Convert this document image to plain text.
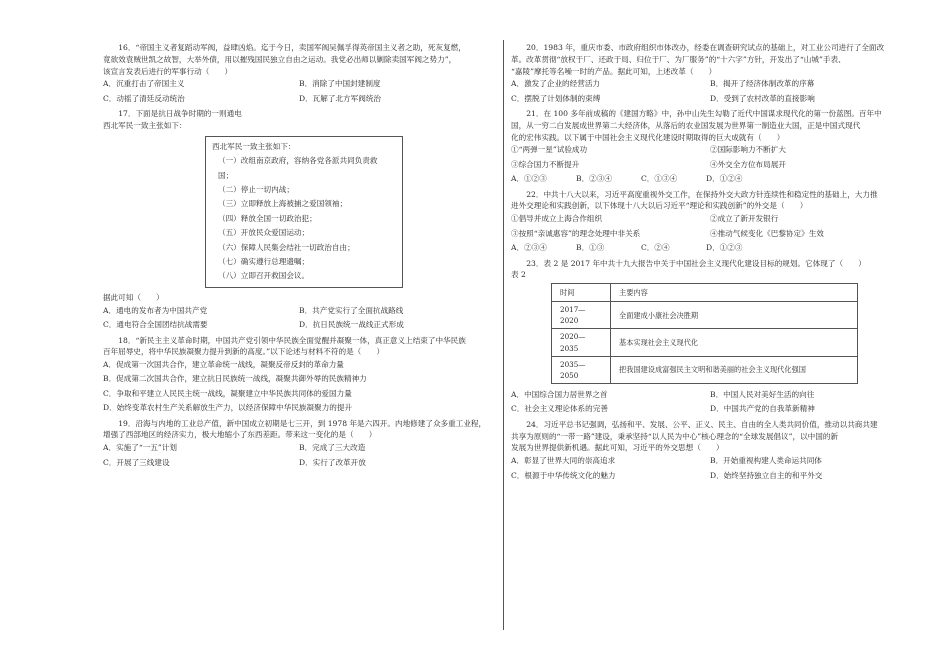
16．“帝国主义者复蹈动军阀，益肆凶焰。迄于今日，卖国军阀吴佩孚得英帝国主义者之助，死灰复燃，

竟欲效袁贼世凯之故智，大举外债，用以摧残国民独立自由之运动。我党必出师以剿除卖国军阀之势力”，

该宣言发表后进行的军事行动（　　）

A．沉重打击了帝国主义	B．消除了中国封建制度
C．动摇了清廷反动统治	D．瓦解了北方军阀统治

17．下面是抗日战争时期的一则通电

西北军民一致主张如下：

西北军民一致主张如下：
（一）改组南京政府，容纳各党各派共同负责救
国；
（二）停止一切内战；
（三）立即释放上海被捕之爱国领袖；
（四）释放全国一切政治犯；
（五）开放民众爱国运动；
（六）保障人民集会结社一切政治自由；
（七）确实遵行总理遗嘱；
（八）立即召开救国会议。

据此可知（　　）

A．通电的发布者为中国共产党	B．共产党实行了全面抗战路线
C．通电符合全国团结抗战需要	D．抗日民族统一战线正式形成

18．“新民主主义革命时期，中国共产党引领中华民族全面觉醒并凝聚一体，真正意义上结束了中华民族

百年屈辱史，将中华民族凝聚力提升到新的高度。”以下论述与材料不符的是（　　）

A．促成第一次国共合作，建立革命统一战线，凝聚反帝反封的革命力量
B．促成第二次国共合作，建立抗日民族统一战线，凝聚共御外辱的民族精神力
C．争取和平建立人民民主统一战线，凝聚建立中华民族共同体的爱国力量
D．始终变革农村生产关系解放生产力，以经济保障中华民族凝聚力的提升

19．沿海与内地的工业总产值，新中国成立初期是七三开，到 1978 年是六四开。内地修建了众多重工业程，

增强了西部地区的经济实力，极大地缩小了东西差距。带来这一变化的是（　　）

A．实施了“一五”计划	B．完成了三大改造
C．开展了三线建设	D．实行了改革开放

20．1983 年，重庆市委、市政府组织市体改办，经委在调查研究试点的基础上，对工业公司进行了全面改

革。改革贯彻“放权于厂、还政于局、归位于厂、为厂服务”的“十六字”方针，开发出了“山城”手表、

“嘉陵”摩托等名噪一时的产品。据此可知，上述改革（　　）

A．激发了企业的经营活力	B．揭开了经济体制改革的序幕
C．摆脱了计划体制的束缚	D．受到了农村改革的直接影响

21．在 100 多年前成稿的《建国方略》中，孙中山先生勾勒了近代中国谋求现代化的第一份蓝图。百年中

国，从一穷二白发展成世界第二大经济体，从落后的农业国发展为世界第一制造业大国，正是中国式现代

化的宏伟实践。以下属于中国社会主义现代化建设时期取得的巨大成就有（　　）

①“两弹一星”试验成功	②国际影响力不断扩大
③综合国力不断提升	④外交全方位布局展开
A．①②③	B．②③④	C．①③④	D．①②④

22．中共十八大以来，习近平高度重视外交工作，在保持外交大政方针连续性和稳定性的基础上，大力推

进外交理论和实践创新，以下体现十八大以后习近平“理论和实践创新”的外交是（　　）

①倡导并成立上海合作组织	②成立了新开发银行
③按照“亲诚惠容”的理念处理中非关系	④推动气候变化《巴黎协定》生效
A．②③④	B．①③	C．②④	D．①②③

23．表 2 是 2017 年中共十九大报告中关于中国社会主义现代化建设目标的规划。它体现了（　　）

表 2

时间	主要内容
2017—2020	全面建成小康社会决胜期
2020—2035	基本实现社会主义现代化
2035—2050	把我国建设成富强民主文明和谐美丽的社会主义现代化强国
A．中国综合国力居世界之首	B．中国人民对美好生活的向往
C．社会主义理论体系的完善	D．中国共产党的自我革新精神

24．习近平总书记强调，弘扬和平、发展、公平、正义、民主、自由的全人类共同价值，推动以共商共建

共享为原则的“一带一路”建设，秉承坚持“以人民为中心”核心理念的“全球发展倡议”，以中国的新

发展为世界提供新机遇。据此可知，习近平的外交思想（　　）

A．彰显了世界大同的崇高追求	B．开始重视构建人类命运共同体
C．根源于中华传统文化的魅力	D．始终坚持独立自主的和平外交
